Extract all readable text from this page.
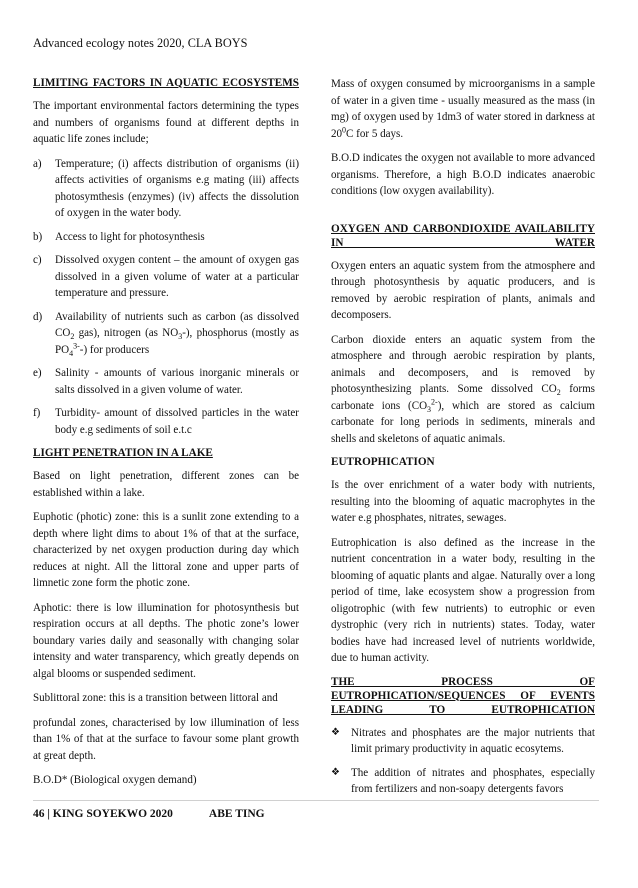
Advanced ecology notes 2020, CLA BOYS
LIMITING FACTORS IN AQUATIC ECOSYSTEMS

The important environmental factors determining the types and numbers of organisms found at different depths in aquatic life zones include;

a) Temperature; (i) affects distribution of organisms (ii) affects activities of organisms e.g mating (iii) affects photosymthesis (enzymes) (iv) affects the dissolution of oxygen in the water body.
b) Access to light for photosynthesis
c) Dissolved oxygen content – the amount of oxygen gas dissolved in a given volume of water at a particular temperature and pressure.
d) Availability of nutrients such as carbon (as dissolved $CO_2$ gas), nitrogen (as $NO_3-$), phosphorus (mostly as $PO_4^{3-}-$) for producers
e) Salinity - amounts of various inorganic minerals or salts dissolved in a given volume of water.
f) Turbidity- amount of dissolved particles in the water body e.g sediments of soil e.t.c
LIGHT PENETRATION IN A LAKE

Based on light penetration, different zones can be established within a lake.

Euphotic (photic) zone: this is a sunlit zone extending to a depth where light dims to about 1% of that at the surface, characterized by net oxygen production during day which reduces at night. All the littoral zone and upper parts of limnetic zone form the photic zone.

Aphotic: there is low illumination for photosynthesis but respiration occurs at all depths. The photic zone’s lower boundary varies daily and seasonally with changing solar intensity and water transparency, which greatly depends on algal blooms or suspended sediment.

Sublittoral zone: this is a transition between littoral and

profundal zones, characterised by low illumination of less than 1% of that at the surface to favour some plant growth at great depth.

B.O.D* (Biological oxygen demand)

Mass of oxygen consumed by microorganisms in a sample of water in a given time - usually measured as the mass (in mg) of oxygen used by 1dm3 of water stored in darkness at $20^0C$ for 5 days.

B.O.D indicates the oxygen not available to more advanced organisms. Therefore, a high B.O.D indicates anaerobic conditions (low oxygen availability).

OXYGEN AND CARBONDIOXIDE AVAILABILITY IN WATER

Oxygen enters an aquatic system from the atmosphere and through photosynthesis by aquatic producers, and is removed by aerobic respiration of plants, animals and decomposers.

Carbon dioxide enters an aquatic system from the atmosphere and through aerobic respiration by plants, animals and decomposers, and is removed by photosynthesizing plants. Some dissolved $CO_2$ forms carbonate ions $(CO_3^{2-})$, which are stored as calcium carbonate for long periods in sediments, minerals and shells and skeletons of aquatic animals.

EUTROPHICATION

Is the over enrichment of a water body with nutrients, resulting into the blooming of aquatic macrophytes in the water e.g phosphates, nitrates, sewages.

Eutrophication is also defined as the increase in the nutrient concentration in a water body, resulting in the blooming of aquatic plants and algae. Naturally over a long period of time, lake ecosystem show a progression from oligotrophic (with few nutrients) to eutrophic or even dystrophic (very rich in nutrients) states. Today, water bodies have had increased level of nutrients worldwide, due to human activity.

THE PROCESS OF EUTROPHICATION/SEQUENCES OF EVENTS LEADING TO EUTROPHICATION
❖ Nitrates and phosphates are the major nutrients that limit primary productivity in aquatic ecosytems.
❖ The addition of nitrates and phosphates, especially from fertilizers and non-soapy detergents favors
46 | KING SOYEKWO 2020	ABE TING
